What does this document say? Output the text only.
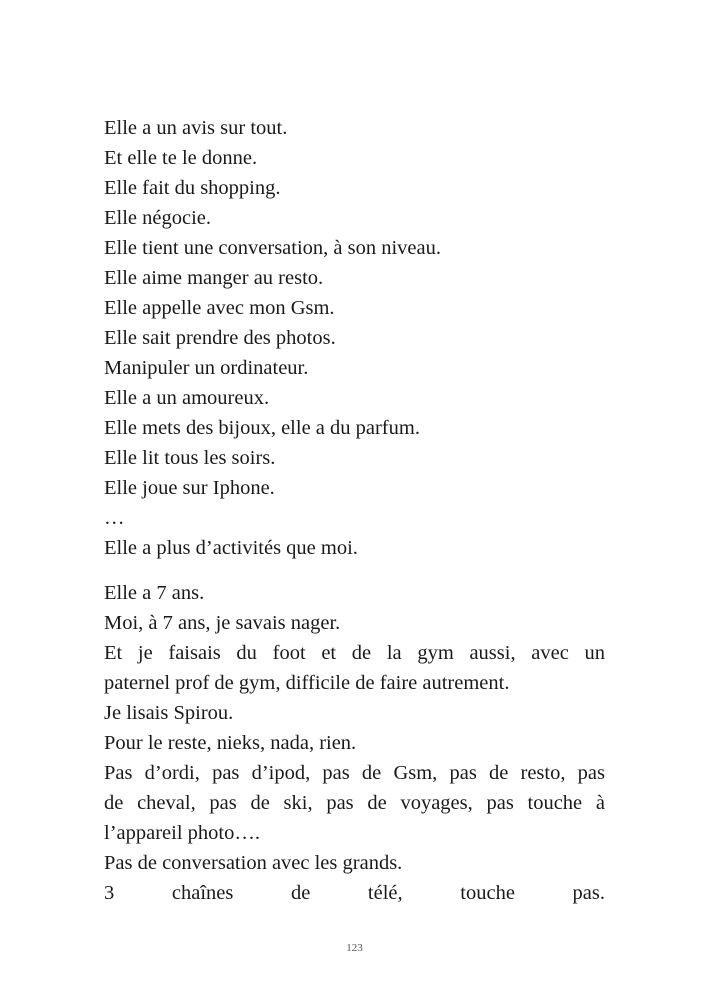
Elle a un avis sur tout.
Et elle te le donne.
Elle fait du shopping.
Elle négocie.
Elle tient une conversation, à son niveau.
Elle aime manger au resto.
Elle appelle avec mon Gsm.
Elle sait prendre des photos.
Manipuler un ordinateur.
Elle a un amoureux.
Elle mets des bijoux, elle a du parfum.
Elle lit tous les soirs.
Elle joue sur Iphone.
…
Elle a plus d’activités que moi.
Elle a 7 ans.
Moi, à 7 ans, je savais nager.
Et je faisais du foot et de la gym aussi, avec un
paternel prof de gym, difficile de faire autrement.
Je lisais Spirou.
Pour le reste, nieks, nada, rien.
Pas d’ordi, pas d’ipod, pas de Gsm, pas de resto, pas
de cheval, pas de ski, pas de voyages, pas touche à
l’appareil photo….
Pas de conversation avec les grands.
3 chaînes de télé, touche pas.
123
